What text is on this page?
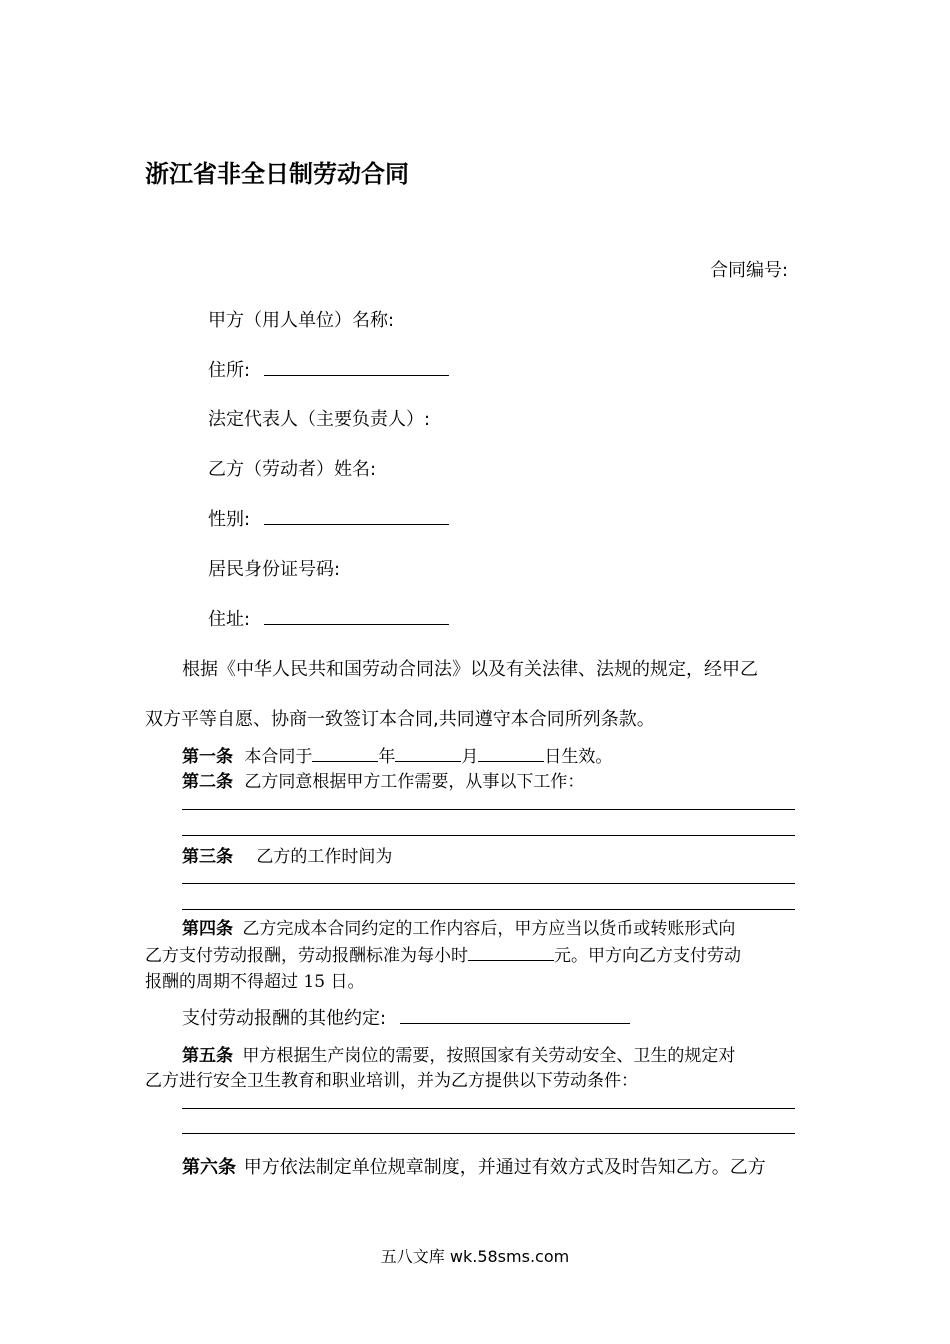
浙江省非全日制劳动合同
合同编号:
甲方（用人单位）名称:
住所:
法定代表人（主要负责人）:
乙方（劳动者）姓名:
性别:
居民身份证号码:
住址:
根据《中华人民共和国劳动合同法》以及有关法律、法规的规定，经甲乙
双方平等自愿、协商一致签订本合同,共同遵守本合同所列条款。
第一条 本合同于	年	月	日生效。
第二条 乙方同意根据甲方工作需要，从事以下工作：
第三条 乙方的工作时间为
第四条 乙方完成本合同约定的工作内容后，甲方应当以货币或转账形式向
乙方支付劳动报酬，劳动报酬标准为每小时	元。甲方向乙方支付劳动
报酬的周期不得超过 15 日。
支付劳动报酬的其他约定:
第五条 甲方根据生产岗位的需要，按照国家有关劳动安全、卫生的规定对
乙方进行安全卫生教育和职业培训，并为乙方提供以下劳动条件：
第六条 甲方依法制定单位规章制度，并通过有效方式及时告知乙方。乙方
五八文库 wk.58sms.com
